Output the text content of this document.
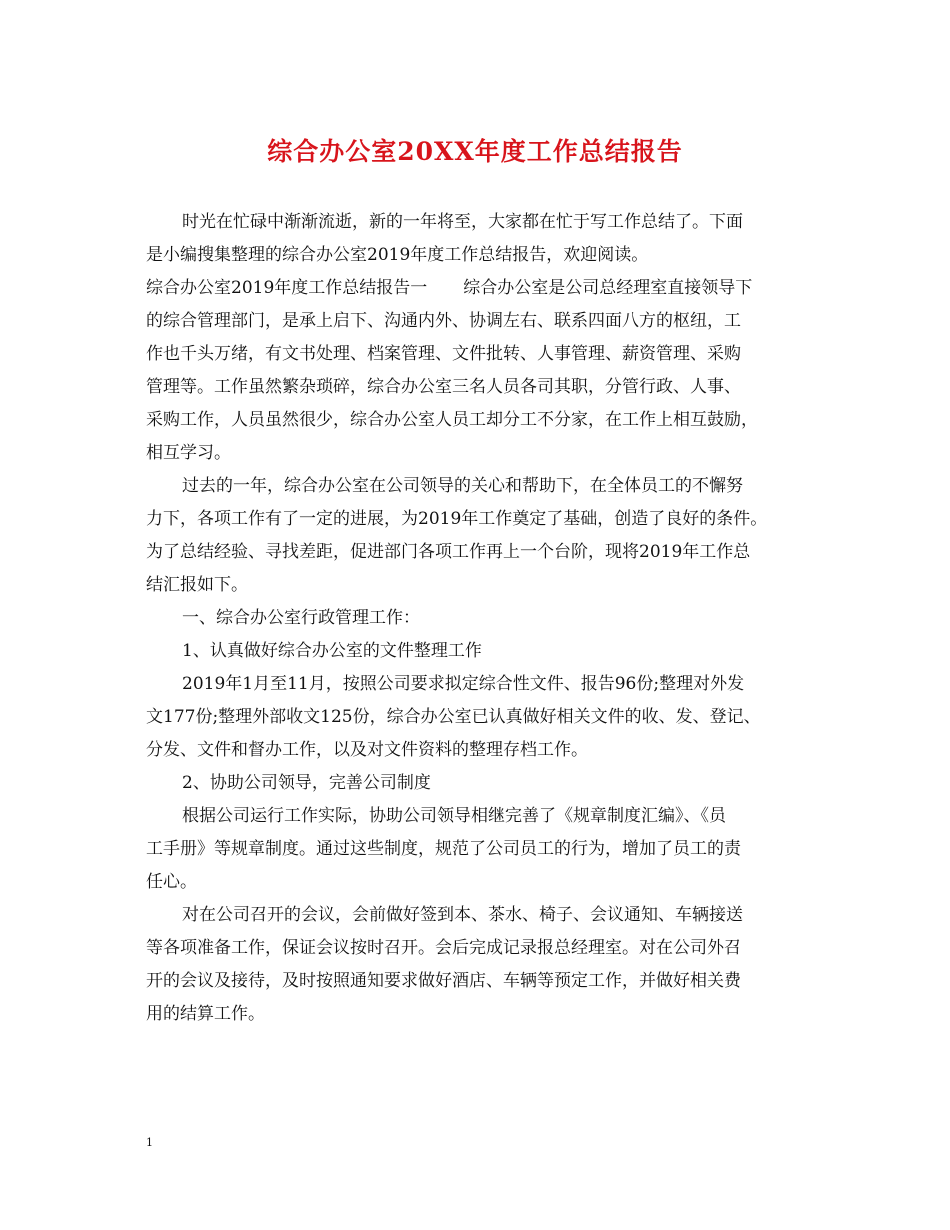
综合办公室20XX年度工作总结报告
时光在忙碌中渐渐流逝，新的一年将至，大家都在忙于写工作总结了。下面
是小编搜集整理的综合办公室2019年度工作总结报告，欢迎阅读。
综合办公室2019年度工作总结报告一 综合办公室是公司总经理室直接领导下
的综合管理部门，是承上启下、沟通内外、协调左右、联系四面八方的枢纽，工
作也千头万绪，有文书处理、档案管理、文件批转、人事管理、薪资管理、采购
管理等。工作虽然繁杂琐碎，综合办公室三名人员各司其职，分管行政、人事、
采购工作，人员虽然很少，综合办公室人员工却分工不分家，在工作上相互鼓励，
相互学习。
过去的一年，综合办公室在公司领导的关心和帮助下，在全体员工的不懈努
力下，各项工作有了一定的进展，为2019年工作奠定了基础，创造了良好的条件。
为了总结经验、寻找差距，促进部门各项工作再上一个台阶，现将2019年工作总
结汇报如下。
一、综合办公室行政管理工作：
1、认真做好综合办公室的文件整理工作
2019年1月至11月，按照公司要求拟定综合性文件、报告96份;整理对外发
文177份;整理外部收文125份，综合办公室已认真做好相关文件的收、发、登记、
分发、文件和督办工作，以及对文件资料的整理存档工作。
2、协助公司领导，完善公司制度
根据公司运行工作实际，协助公司领导相继完善了《规章制度汇编》、《员
工手册》等规章制度。通过这些制度，规范了公司员工的行为，增加了员工的责
任心。
对在公司召开的会议，会前做好签到本、茶水、椅子、会议通知、车辆接送
等各项准备工作，保证会议按时召开。会后完成记录报总经理室。对在公司外召
开的会议及接待，及时按照通知要求做好酒店、车辆等预定工作，并做好相关费
用的结算工作。
1
